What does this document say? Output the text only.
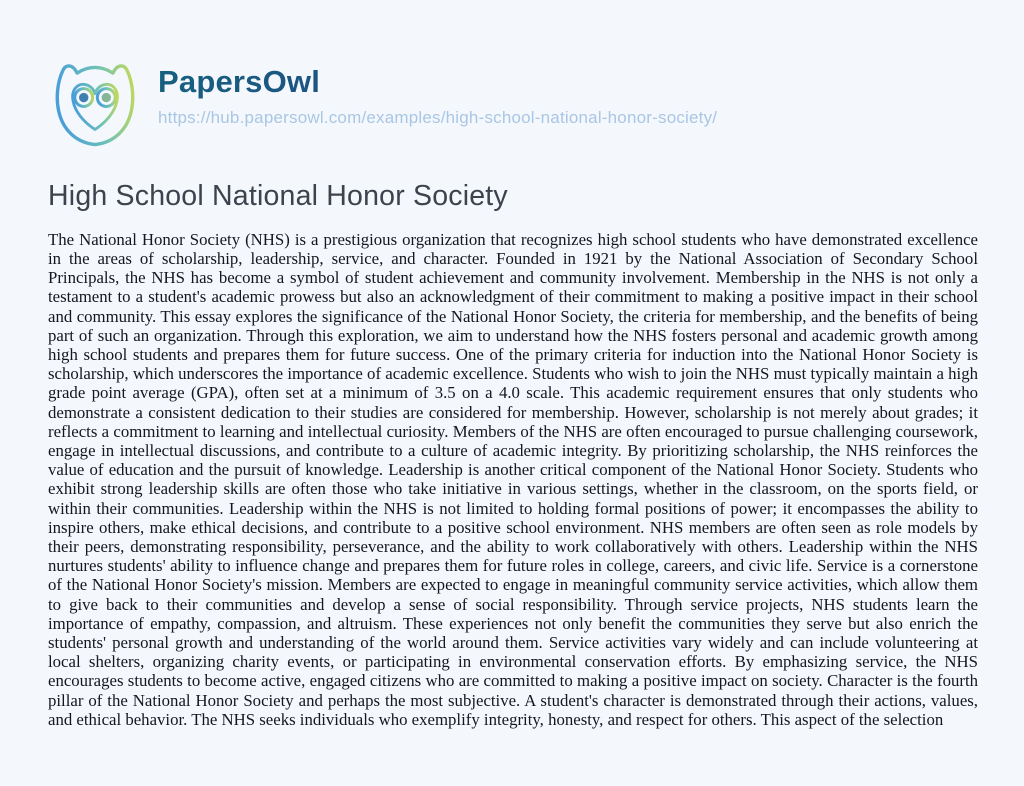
PapersOwl
https://hub.papersowl.com/examples/high-school-national-honor-society/
High School National Honor Society

The National Honor Society (NHS) is a prestigious organization that recognizes high school students who have demonstrated excellence in the areas of scholarship, leadership, service, and character. Founded in 1921 by the National Association of Secondary School Principals, the NHS has become a symbol of student achievement and community involvement. Membership in the NHS is not only a testament to a student's academic prowess but also an acknowledgment of their commitment to making a positive impact in their school and community. This essay explores the significance of the National Honor Society, the criteria for membership, and the benefits of being part of such an organization. Through this exploration, we aim to understand how the NHS fosters personal and academic growth among high school students and prepares them for future success. One of the primary criteria for induction into the National Honor Society is scholarship, which underscores the importance of academic excellence. Students who wish to join the NHS must typically maintain a high grade point average (GPA), often set at a minimum of 3.5 on a 4.0 scale. This academic requirement ensures that only students who demonstrate a consistent dedication to their studies are considered for membership. However, scholarship is not merely about grades; it reflects a commitment to learning and intellectual curiosity. Members of the NHS are often encouraged to pursue challenging coursework, engage in intellectual discussions, and contribute to a culture of academic integrity. By prioritizing scholarship, the NHS reinforces the value of education and the pursuit of knowledge. Leadership is another critical component of the National Honor Society. Students who exhibit strong leadership skills are often those who take initiative in various settings, whether in the classroom, on the sports field, or within their communities. Leadership within the NHS is not limited to holding formal positions of power; it encompasses the ability to inspire others, make ethical decisions, and contribute to a positive school environment. NHS members are often seen as role models by their peers, demonstrating responsibility, perseverance, and the ability to work collaboratively with others. Leadership within the NHS nurtures students' ability to influence change and prepares them for future roles in college, careers, and civic life. Service is a cornerstone of the National Honor Society's mission. Members are expected to engage in meaningful community service activities, which allow them to give back to their communities and develop a sense of social responsibility. Through service projects, NHS students learn the importance of empathy, compassion, and altruism. These experiences not only benefit the communities they serve but also enrich the students' personal growth and understanding of the world around them. Service activities vary widely and can include volunteering at local shelters, organizing charity events, or participating in environmental conservation efforts. By emphasizing service, the NHS encourages students to become active, engaged citizens who are committed to making a positive impact on society. Character is the fourth pillar of the National Honor Society and perhaps the most subjective. A student's character is demonstrated through their actions, values, and ethical behavior. The NHS seeks individuals who exemplify integrity, honesty, and respect for others. This aspect of the selection
